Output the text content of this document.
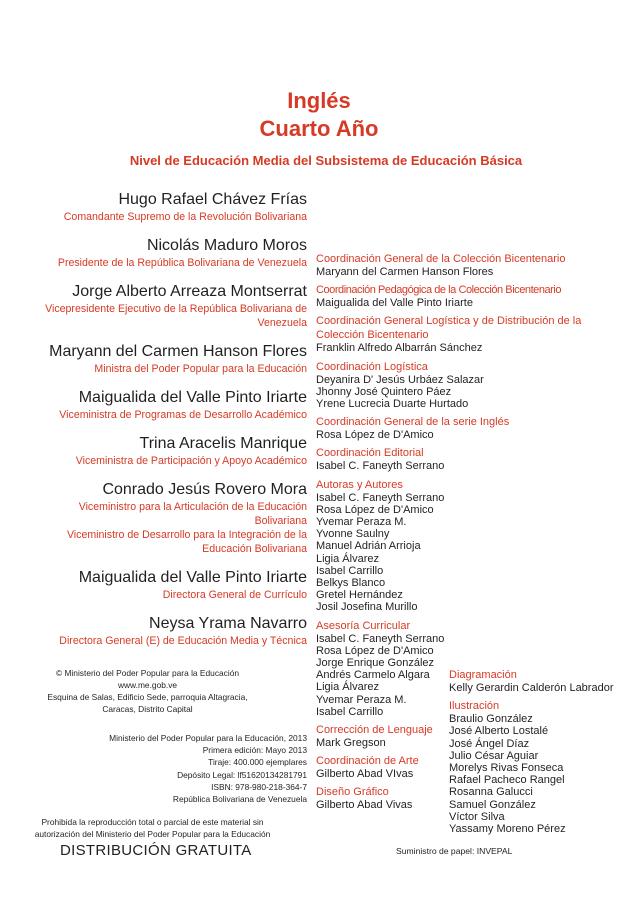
Inglés
Cuarto Año
Nivel de Educación Media del Subsistema de Educación Básica
Hugo Rafael Chávez Frías
Comandante Supremo de la Revolución Bolivariana
Nicolás Maduro Moros
Presidente de la República Bolivariana de Venezuela
Jorge Alberto Arreaza Montserrat
Vicepresidente Ejecutivo de la República Bolivariana de Venezuela
Maryann del Carmen Hanson Flores
Ministra del Poder Popular para la Educación
Maigualida del Valle Pinto Iriarte
Viceministra de Programas de Desarrollo Académico
Trina Aracelis Manrique
Viceministra de Participación y Apoyo Académico
Conrado Jesús Rovero Mora
Viceministro para la Articulación de la Educación Bolivariana
Viceministro de Desarrollo para la Integración de la Educación Bolivariana
Maigualida del Valle Pinto Iriarte
Directora General de Currículo
Neysa Yrama Navarro
Directora General (E) de Educación Media y Técnica
© Ministerio del Poder Popular para la Educación
www.me.gob.ve
Esquina de Salas, Edificio Sede, parroquia Altagracia,
Caracas, Distrito Capital
Ministerio del Poder Popular para la Educación, 2013
Primera edición: Mayo 2013
Tiraje: 400.000 ejemplares
Depósito Legal: lf51620134281791
ISBN: 978-980-218-364-7
República Bolivariana de Venezuela
Prohibida la reproducción total o parcial de este material sin
autorización del Ministerio del Poder Popular para la Educación
DISTRIBUCIÓN GRATUITA
Coordinación General de la Colección Bicentenario
Maryann del Carmen Hanson Flores
Coordinación Pedagógica de la Colección Bicentenario
Maigualida del Valle Pinto Iriarte
Coordinación General Logística y de Distribución de la Colección Bicentenario
Franklin Alfredo Albarrán Sánchez
Coordinación Logística
Deyanira D' Jesús Urbáez Salazar
Jhonny José Quintero Páez
Yrene Lucrecia Duarte Hurtado
Coordinación General de la serie Inglés
Rosa López de D'Amico
Coordinación Editorial
Isabel C. Faneyth Serrano
Autoras y Autores
Isabel C. Faneyth Serrano
Rosa López de D'Amico
Yvemar Peraza M.
Yvonne Saulny
Manuel Adrián Arrioja
Ligia Álvarez
Isabel Carrillo
Belkys Blanco
Gretel Hernández
Josil Josefina Murillo
Asesoría Curricular
Isabel C. Faneyth Serrano
Rosa López de D'Amico
Jorge Enrique González
Andrés Carmelo Algara
Ligia Álvarez
Yvemar Peraza M.
Isabel Carrillo
Corrección de Lenguaje
Mark Gregson
Coordinación de Arte
Gilberto Abad VIvas
Diseño Gráfico
Gilberto Abad Vivas
Diagramación
Kelly Gerardin Calderón Labrador
Ilustración
Braulio González
José Alberto Lostalé
José Ángel Díaz
Julio César Aguiar
Morelys Rivas Fonseca
Rafael Pacheco Rangel
Rosanna Galucci
Samuel González
Víctor Silva
Yassamy Moreno Pérez
Suministro de papel: INVEPAL
